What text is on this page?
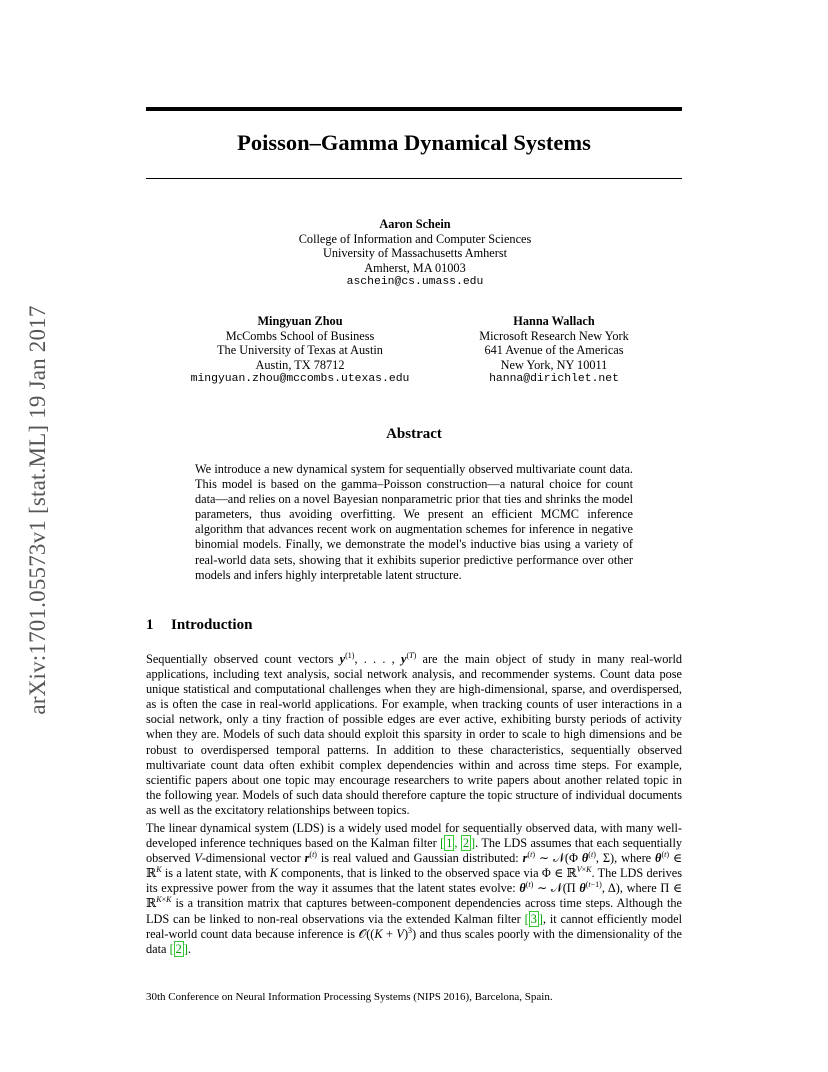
arXiv:1701.05573v1 [stat.ML] 19 Jan 2017
Poisson–Gamma Dynamical Systems
Aaron Schein
College of Information and Computer Sciences
University of Massachusetts Amherst
Amherst, MA 01003
aschein@cs.umass.edu
Mingyuan Zhou
McCombs School of Business
The University of Texas at Austin
Austin, TX 78712
mingyuan.zhou@mccombs.utexas.edu
Hanna Wallach
Microsoft Research New York
641 Avenue of the Americas
New York, NY 10011
hanna@dirichlet.net
Abstract
We introduce a new dynamical system for sequentially observed multivariate count data. This model is based on the gamma–Poisson construction—a natural choice for count data—and relies on a novel Bayesian nonparametric prior that ties and shrinks the model parameters, thus avoiding overfitting. We present an efficient MCMC inference algorithm that advances recent work on augmentation schemes for inference in negative binomial models. Finally, we demonstrate the model's inductive bias using a variety of real-world data sets, showing that it exhibits superior predictive performance over other models and infers highly interpretable latent structure.
1 Introduction
Sequentially observed count vectors $y^{(1)}$, . . . , $y^{(T)}$ are the main object of study in many real-world applications, including text analysis, social network analysis, and recommender systems. Count data pose unique statistical and computational challenges when they are high-dimensional, sparse, and overdispersed, as is often the case in real-world applications. For example, when tracking counts of user interactions in a social network, only a tiny fraction of possible edges are ever active, exhibiting bursty periods of activity when they are. Models of such data should exploit this sparsity in order to scale to high dimensions and be robust to overdispersed temporal patterns. In addition to these characteristics, sequentially observed multivariate count data often exhibit complex dependencies within and across time steps. For example, scientific papers about one topic may encourage researchers to write papers about another related topic in the following year. Models of such data should therefore capture the topic structure of individual documents as well as the excitatory relationships between topics.
The linear dynamical system (LDS) is a widely used model for sequentially observed data, with many well-developed inference techniques based on the Kalman filter [ 1 , 2 ]. The LDS assumes that each sequentially observed V-dimensional vector $r^{(t)}$ is real valued and Gaussian distributed: $r^{(t)}$ ∼ 𝒩(Φ $\theta^{(t)}$, Σ), where $\theta^{(t)}$ ∈ ℝ$^K$ is a latent state, with K components, that is linked to the observed space via Φ ∈ ℝ$^{V\times K}$. The LDS derives its expressive power from the way it assumes that the latent states evolve: $\theta^{(t)}$ ∼ 𝒩(Π $\theta^{(t-1)}$, Δ), where Π ∈ ℝ$^{K\times K}$ is a transition matrix that captures between-component dependencies across time steps. Although the LDS can be linked to non-real observations via the extended Kalman filter [ 3 ], it cannot efficiently model real-world count data because inference is 𝒪((K + V)$^3$) and thus scales poorly with the dimensionality of the data [ 2 ].
30th Conference on Neural Information Processing Systems (NIPS 2016), Barcelona, Spain.
